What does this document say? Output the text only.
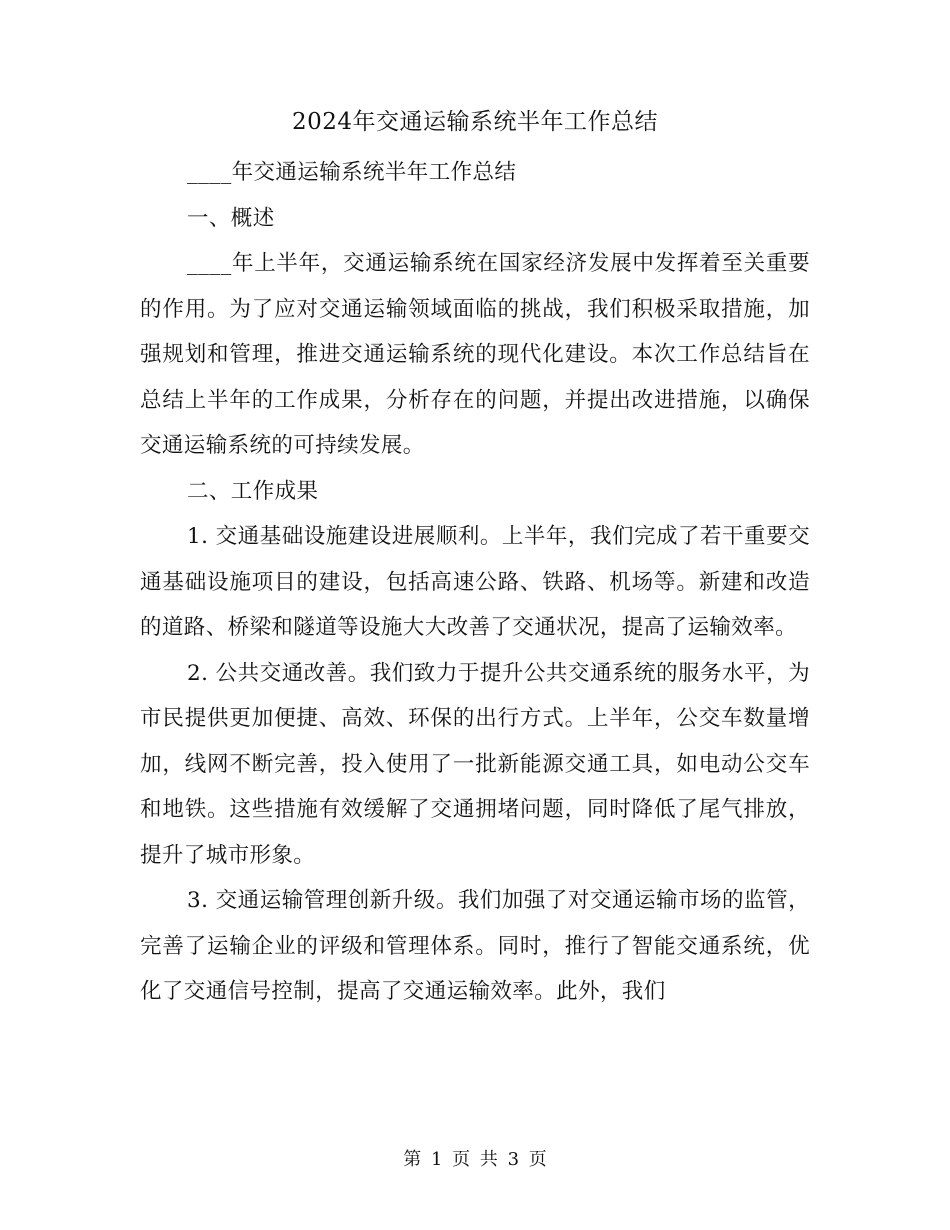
2024年交通运输系统半年工作总结

____年交通运输系统半年工作总结

一、概述

____年上半年，交通运输系统在国家经济发展中发挥着至关重要的作用。为了应对交通运输领域面临的挑战，我们积极采取措施，加强规划和管理，推进交通运输系统的现代化建设。本次工作总结旨在总结上半年的工作成果，分析存在的问题，并提出改进措施，以确保交通运输系统的可持续发展。

二、工作成果

1. 交通基础设施建设进展顺利。上半年，我们完成了若干重要交通基础设施项目的建设，包括高速公路、铁路、机场等。新建和改造的道路、桥梁和隧道等设施大大改善了交通状况，提高了运输效率。

2. 公共交通改善。我们致力于提升公共交通系统的服务水平，为市民提供更加便捷、高效、环保的出行方式。上半年，公交车数量增加，线网不断完善，投入使用了一批新能源交通工具，如电动公交车和地铁。这些措施有效缓解了交通拥堵问题，同时降低了尾气排放，提升了城市形象。

3. 交通运输管理创新升级。我们加强了对交通运输市场的监管，完善了运输企业的评级和管理体系。同时，推行了智能交通系统，优化了交通信号控制，提高了交通运输效率。此外，我们

第 1 页 共 3 页
